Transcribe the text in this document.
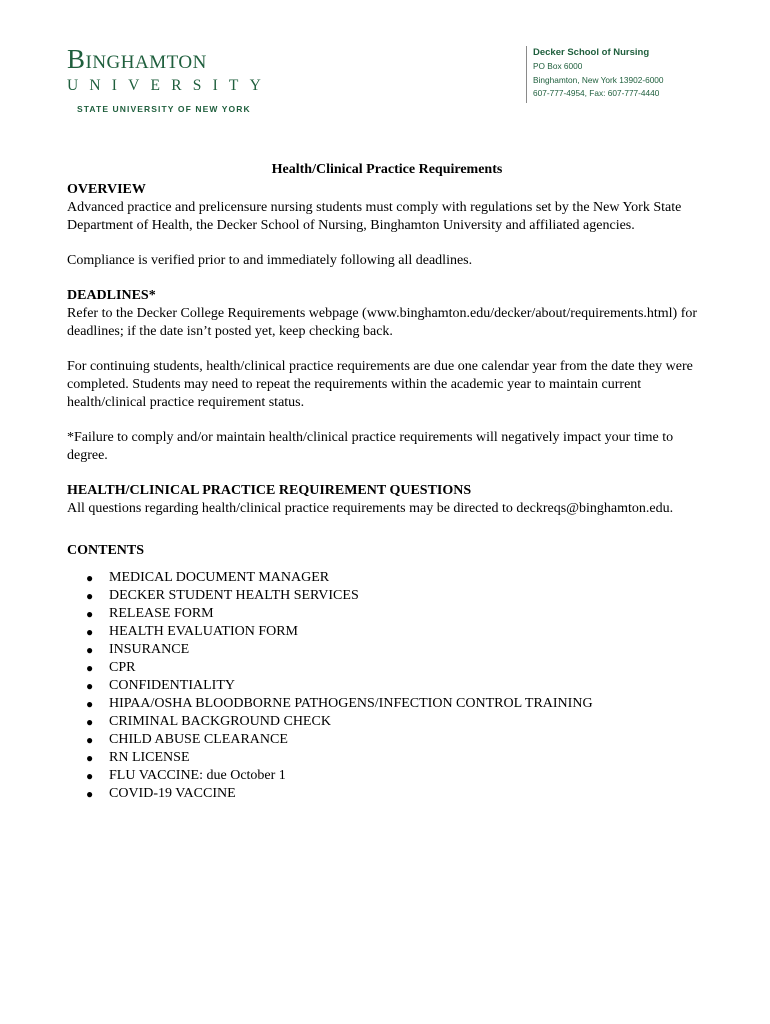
Binghamton
UNIVERSITY
STATE UNIVERSITY OF NEW YORK
Decker School of Nursing
PO Box 6000
Binghamton, New York 13902-6000
607-777-4954, Fax: 607-777-4440
Health/Clinical Practice Requirements
OVERVIEW

Advanced practice and prelicensure nursing students must comply with regulations set by the New York State Department of Health, the Decker School of Nursing, Binghamton University and affiliated agencies.

Compliance is verified prior to and immediately following all deadlines.

DEADLINES*

Refer to the Decker College Requirements webpage (www.binghamton.edu/decker/about/requirements.html) for deadlines; if the date isn’t posted yet, keep checking back.

For continuing students, health/clinical practice requirements are due one calendar year from the date they were completed. Students may need to repeat the requirements within the academic year to maintain current health/clinical practice requirement status.

*Failure to comply and/or maintain health/clinical practice requirements will negatively impact your time to degree.

HEALTH/CLINICAL PRACTICE REQUIREMENT QUESTIONS

All questions regarding health/clinical practice requirements may be directed to deckreqs@binghamton.edu.

CONTENTS
● MEDICAL DOCUMENT MANAGER
● DECKER STUDENT HEALTH SERVICES
● RELEASE FORM
● HEALTH EVALUATION FORM
● INSURANCE
● CPR
● CONFIDENTIALITY
● HIPAA/OSHA BLOODBORNE PATHOGENS/INFECTION CONTROL TRAINING
● CRIMINAL BACKGROUND CHECK
● CHILD ABUSE CLEARANCE
● RN LICENSE
● FLU VACCINE: due October 1
● COVID-19 VACCINE
